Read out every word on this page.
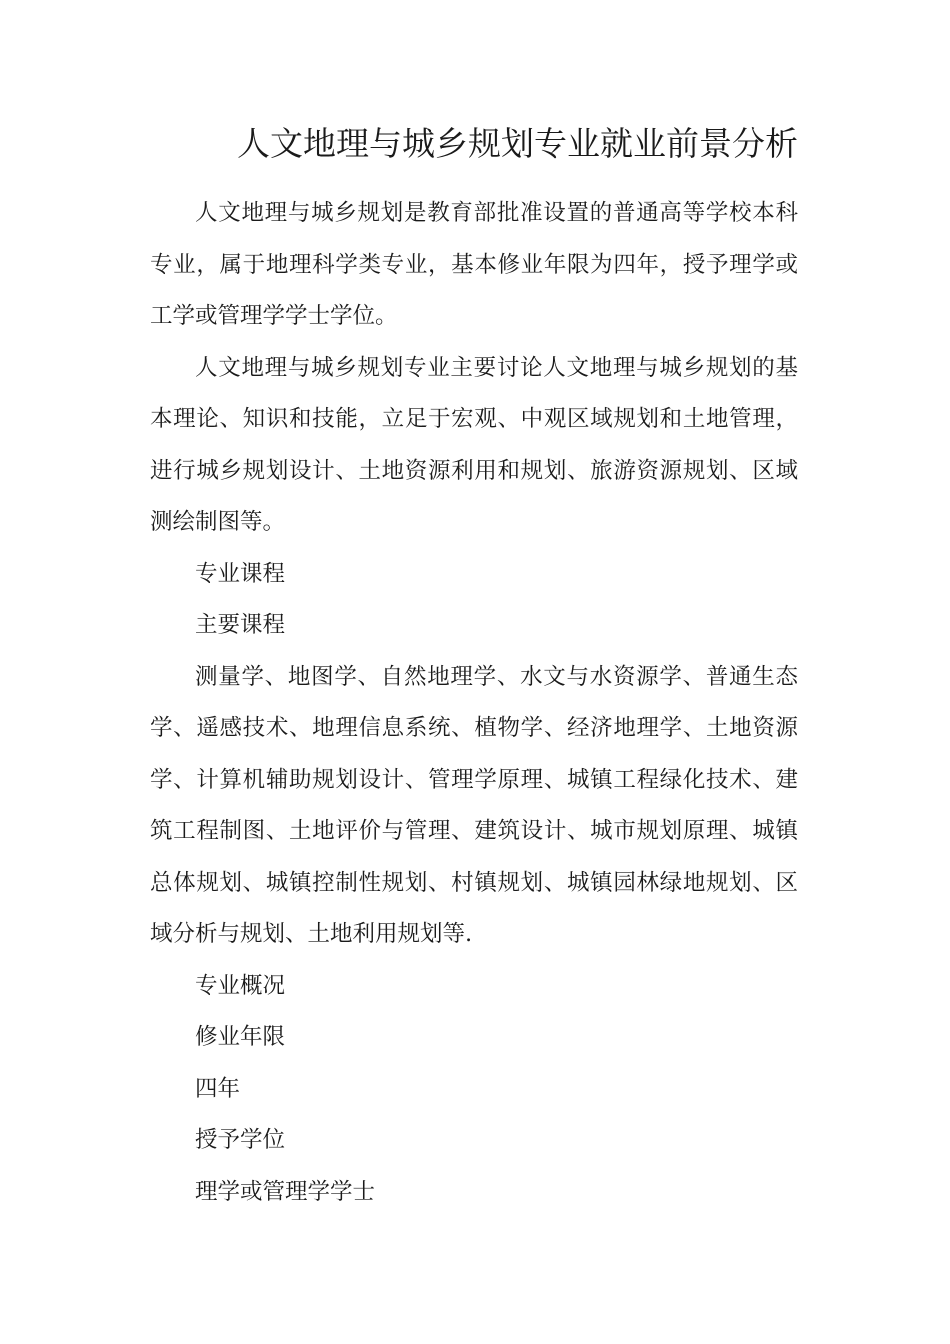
人文地理与城乡规划专业就业前景分析

人文地理与城乡规划是教育部批准设置的普通高等学校本科专业，属于地理科学类专业，基本修业年限为四年，授予理学或工学或管理学学士学位。

人文地理与城乡规划专业主要讨论人文地理与城乡规划的基本理论、知识和技能，立足于宏观、中观区域规划和土地管理，进行城乡规划设计、土地资源利用和规划、旅游资源规划、区域测绘制图等。

专业课程

主要课程

测量学、地图学、自然地理学、水文与水资源学、普通生态学、遥感技术、地理信息系统、植物学、经济地理学、土地资源学、计算机辅助规划设计、管理学原理、城镇工程绿化技术、建筑工程制图、土地评价与管理、建筑设计、城市规划原理、城镇总体规划、城镇控制性规划、村镇规划、城镇园林绿地规划、区域分析与规划、土地利用规划等.

专业概况

修业年限

四年

授予学位

理学或管理学学士
